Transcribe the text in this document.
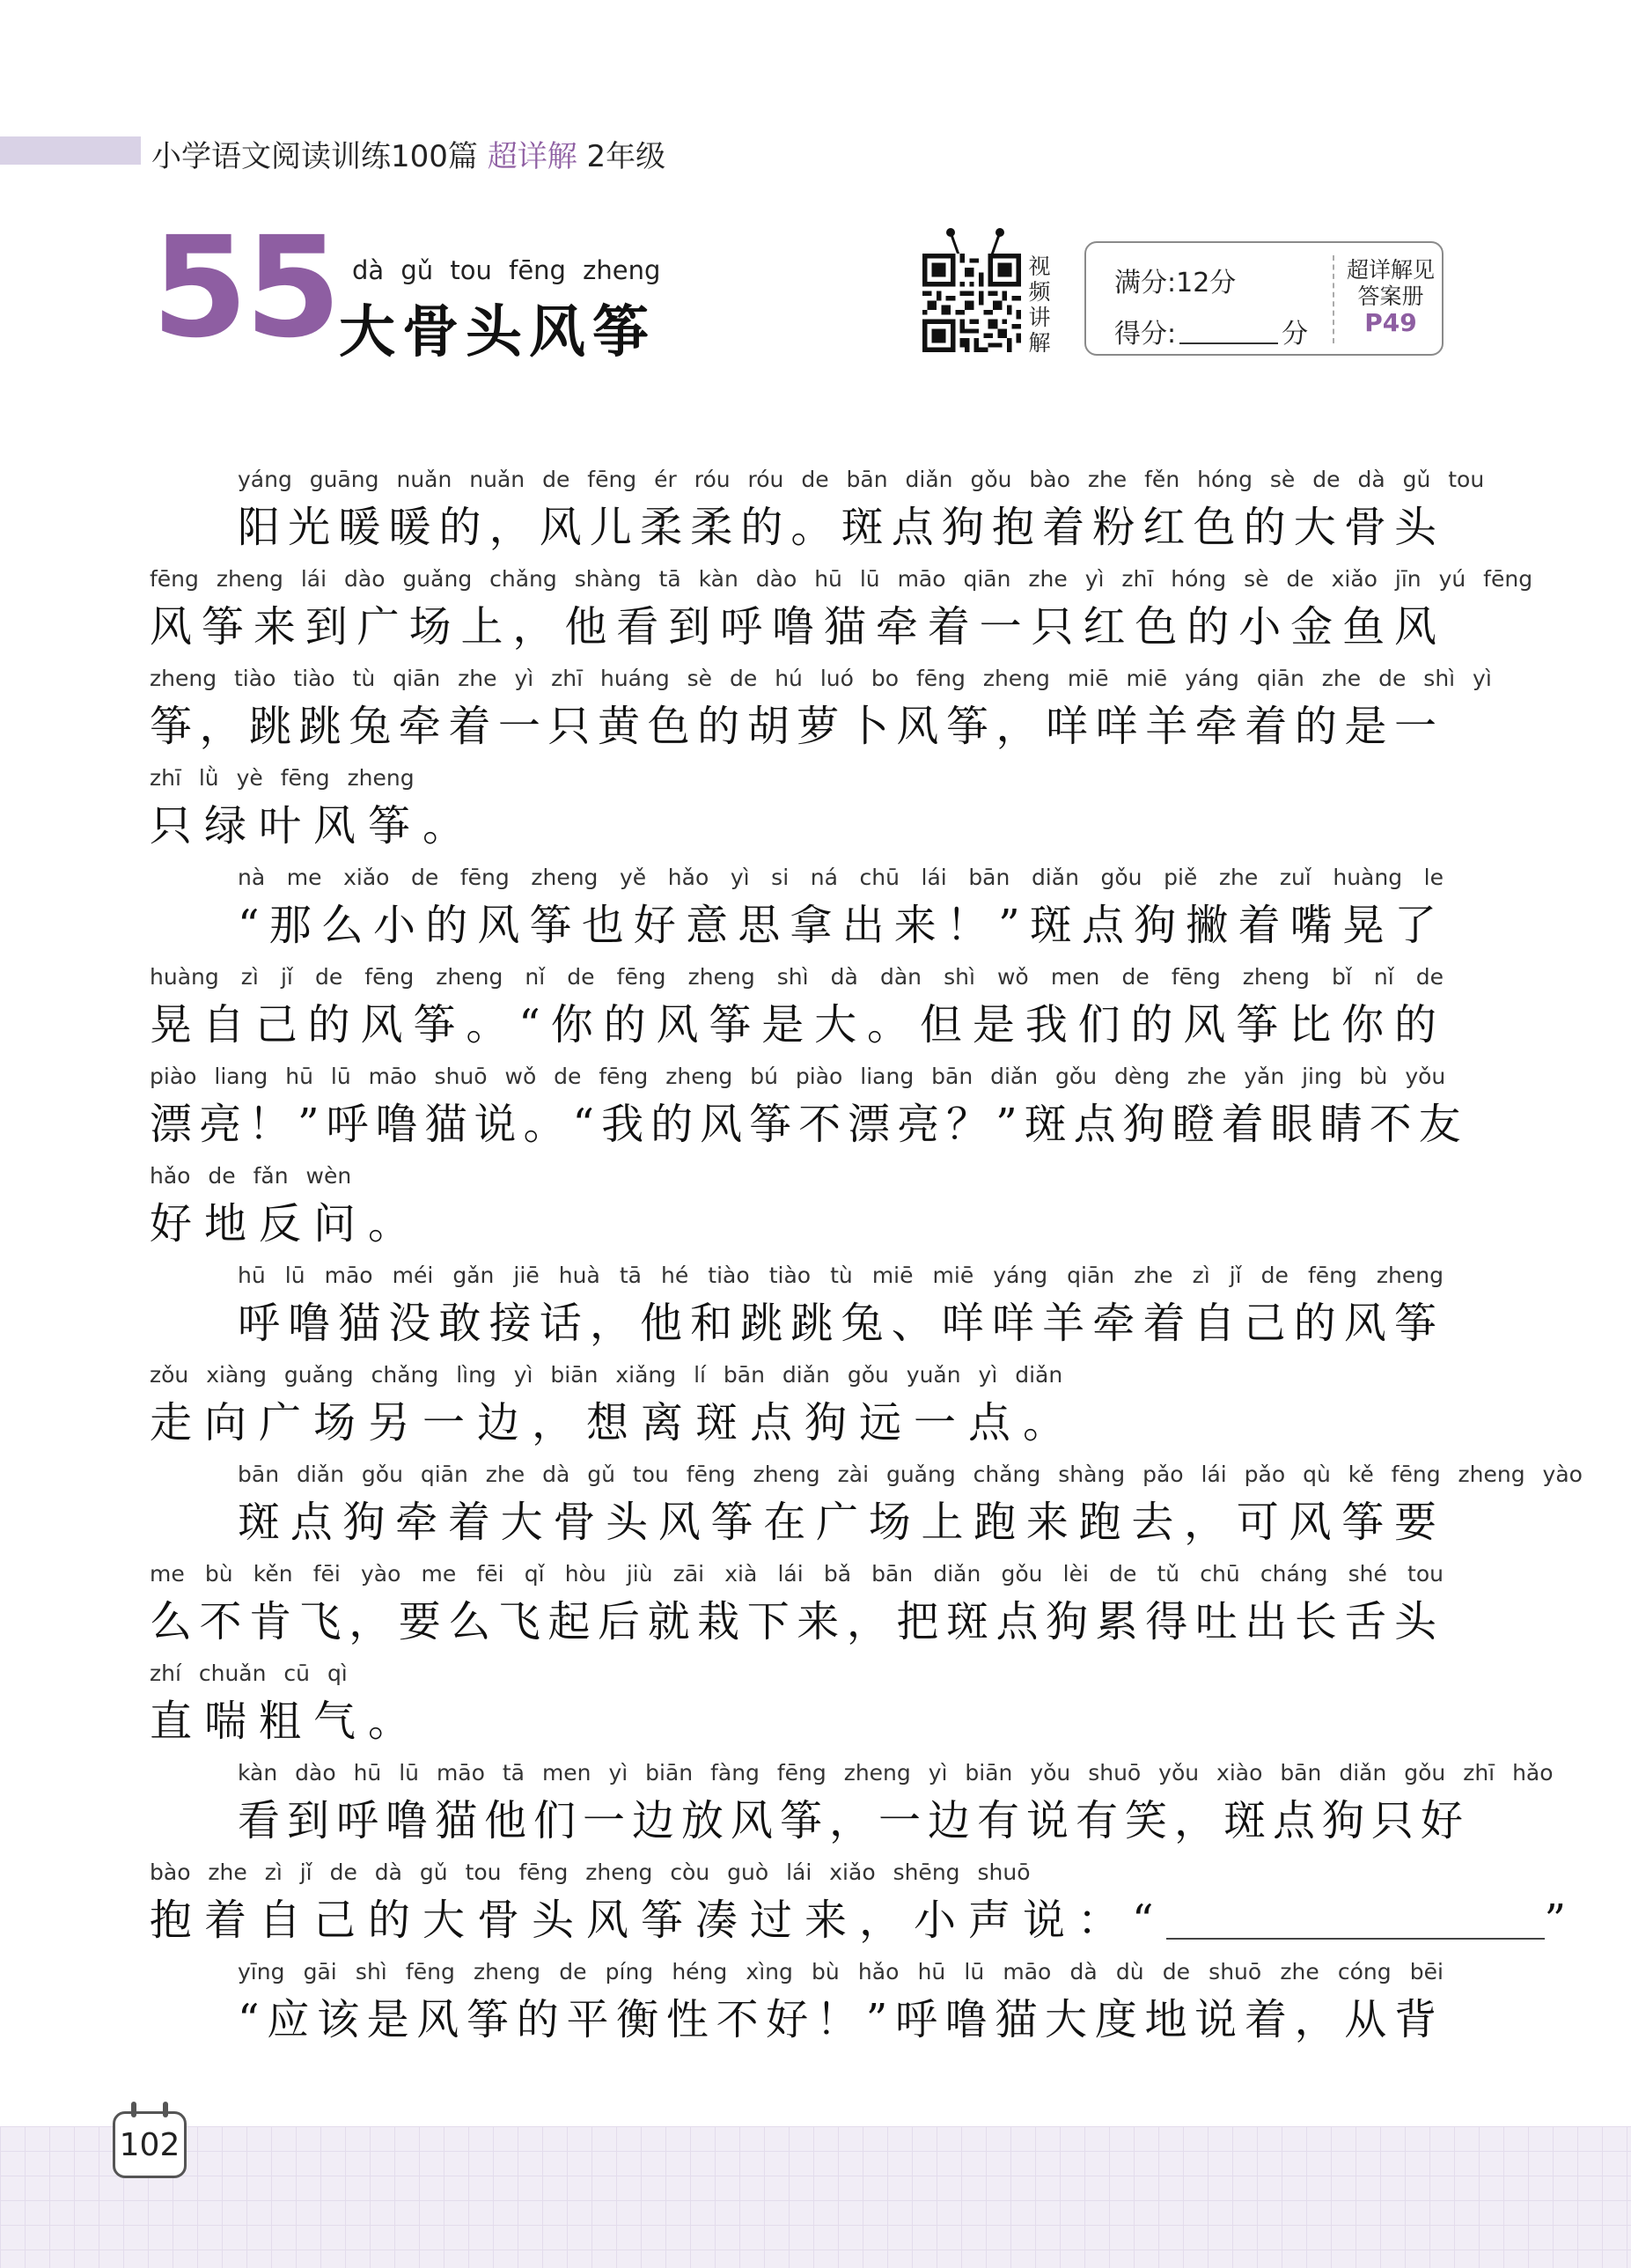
小学语文阅读训练100篇 超详解 2年级
55 dà gǔ tou fēng zheng
大骨头风筝
视频讲解
满分:12分
得分:	分
超详解见
答案册
P49
yáng guāng nuǎn nuǎn de fēng ér róu róu de bān diǎn gǒu bào zhe fěn hóng sè de dà gǔ tou
阳光暖暖的，风儿柔柔的。斑点狗抱着粉红色的大骨头
fēng zheng lái dào guǎng chǎng shàng tā kàn dào hū lū māo qiān zhe yì zhī hóng sè de xiǎo jīn yú fēng
风筝来到广场上，他看到呼噜猫牵着一只红色的小金鱼风
zheng tiào tiào tù qiān zhe yì zhī huáng sè de hú luó bo fēng zheng miē miē yáng qiān zhe de shì yì
筝，跳跳兔牵着一只黄色的胡萝卜风筝，咩咩羊牵着的是一
zhī lǜ yè fēng zheng
只绿叶风筝。
nà me xiǎo de fēng zheng yě hǎo yì si ná chū lái bān diǎn gǒu piě zhe zuǐ huàng le
“那么小的风筝也好意思拿出来！”斑点狗撇着嘴晃了
huàng zì jǐ de fēng zheng nǐ de fēng zheng shì dà dàn shì wǒ men de fēng zheng bǐ nǐ de
晃自己的风筝。“你的风筝是大。但是我们的风筝比你的
piào liang hū lū māo shuō wǒ de fēng zheng bú piào liang bān diǎn gǒu dèng zhe yǎn jing bù yǒu
漂亮！”呼噜猫说。“我的风筝不漂亮？”斑点狗瞪着眼睛不友
hǎo de fǎn wèn
好地反问。
hū lū māo méi gǎn jiē huà tā hé tiào tiào tù miē miē yáng qiān zhe zì jǐ de fēng zheng
呼噜猫没敢接话，他和跳跳兔、咩咩羊牵着自己的风筝
zǒu xiàng guǎng chǎng lìng yì biān xiǎng lí bān diǎn gǒu yuǎn yì diǎn
走向广场另一边，想离斑点狗远一点。
bān diǎn gǒu qiān zhe dà gǔ tou fēng zheng zài guǎng chǎng shàng pǎo lái pǎo qù kě fēng zheng yào
斑点狗牵着大骨头风筝在广场上跑来跑去，可风筝要
me bù kěn fēi yào me fēi qǐ hòu jiù zāi xià lái bǎ bān diǎn gǒu lèi de tǔ chū cháng shé tou
么不肯飞，要么飞起后就栽下来，把斑点狗累得吐出长舌头
zhí chuǎn cū qì
直喘粗气。
kàn dào hū lū māo tā men yì biān fàng fēng zheng yì biān yǒu shuō yǒu xiào bān diǎn gǒu zhī hǎo
看到呼噜猫他们一边放风筝，一边有说有笑，斑点狗只好
bào zhe zì jǐ de dà gǔ tou fēng zheng còu guò lái xiǎo shēng shuō
抱着自己的大骨头风筝凑过来，小声说：“	”
yīng gāi shì fēng zheng de píng héng xìng bù hǎo hū lū māo dà dù de shuō zhe cóng bēi
“应该是风筝的平衡性不好！”呼噜猫大度地说着，从背
102
